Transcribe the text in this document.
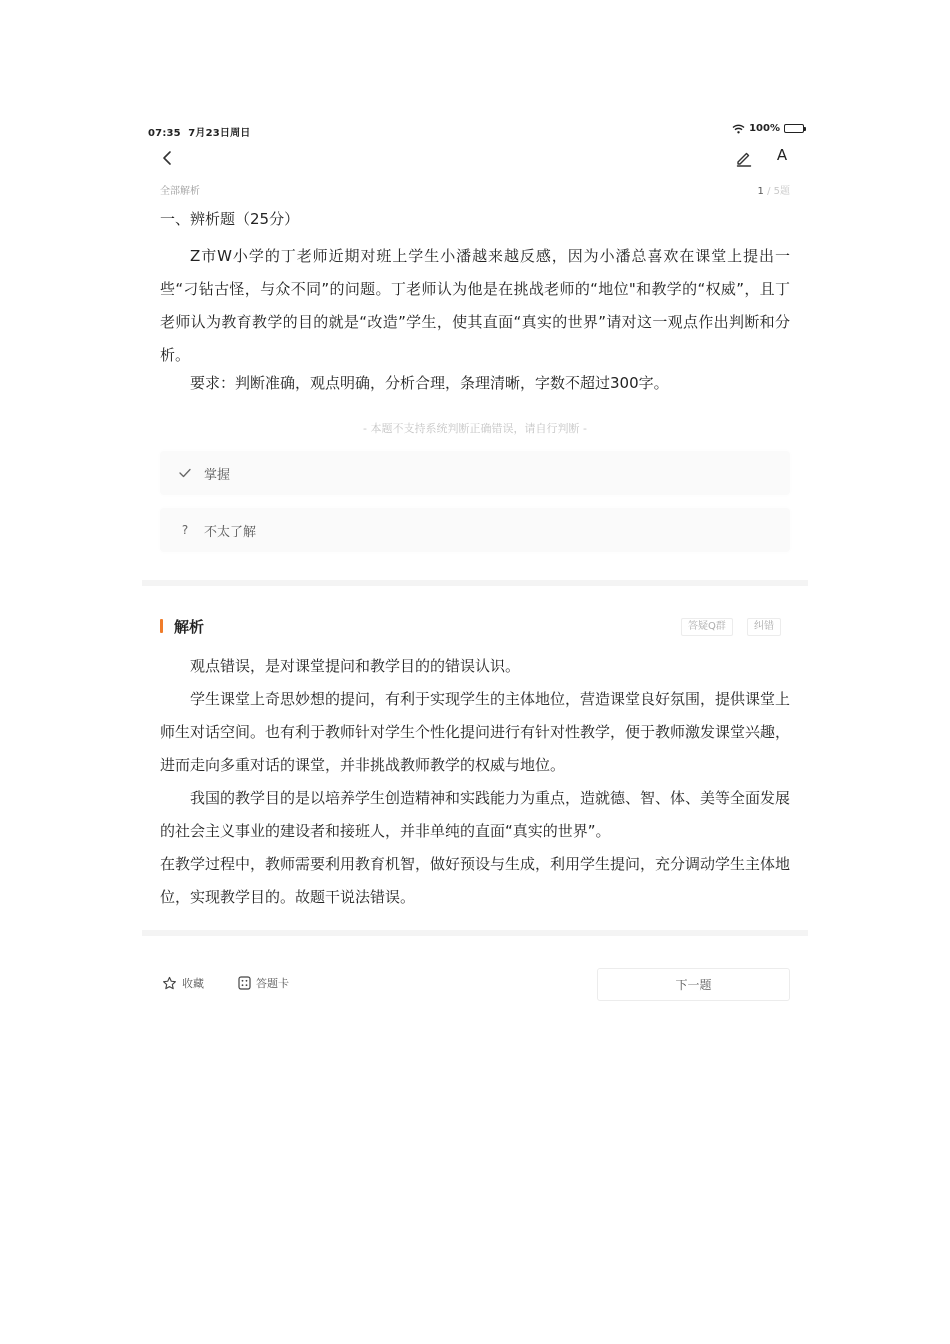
07:35 7月23日周日	100%
A
全部解析	1 / 5题
一、辨析题（25分）

Z市W小学的丁老师近期对班上学生小潘越来越反感，因为小潘总喜欢在课堂上提出一些“刁钻古怪，与众不同”的问题。丁老师认为他是在挑战老师的“地位"和教学的“权威”，且丁老师认为教育教学的目的就是“改造”学生，使其直面“真实的世界”请对这一观点作出判断和分析。

要求：判断准确，观点明确，分析合理，条理清晰，字数不超过300字。
- 本题不支持系统判断正确错误，请自行判断 -
掌握
?	不太了解
解析	答疑Q群	纠错

观点错误，是对课堂提问和教学目的的错误认识。

学生课堂上奇思妙想的提问，有利于实现学生的主体地位，营造课堂良好氛围，提供课堂上师生对话空间。也有利于教师针对学生个性化提问进行有针对性教学，便于教师激发课堂兴趣，进而走向多重对话的课堂，并非挑战教师教学的权威与地位。

我国的教学目的是以培养学生创造精神和实践能力为重点，造就德、智、体、美等全面发展的社会主义事业的建设者和接班人，并非单纯的直面“真实的世界”。

在教学过程中，教师需要利用教育机智，做好预设与生成，利用学生提问，充分调动学生主体地位，实现教学目的。故题干说法错误。

收藏	答题卡	下一题
